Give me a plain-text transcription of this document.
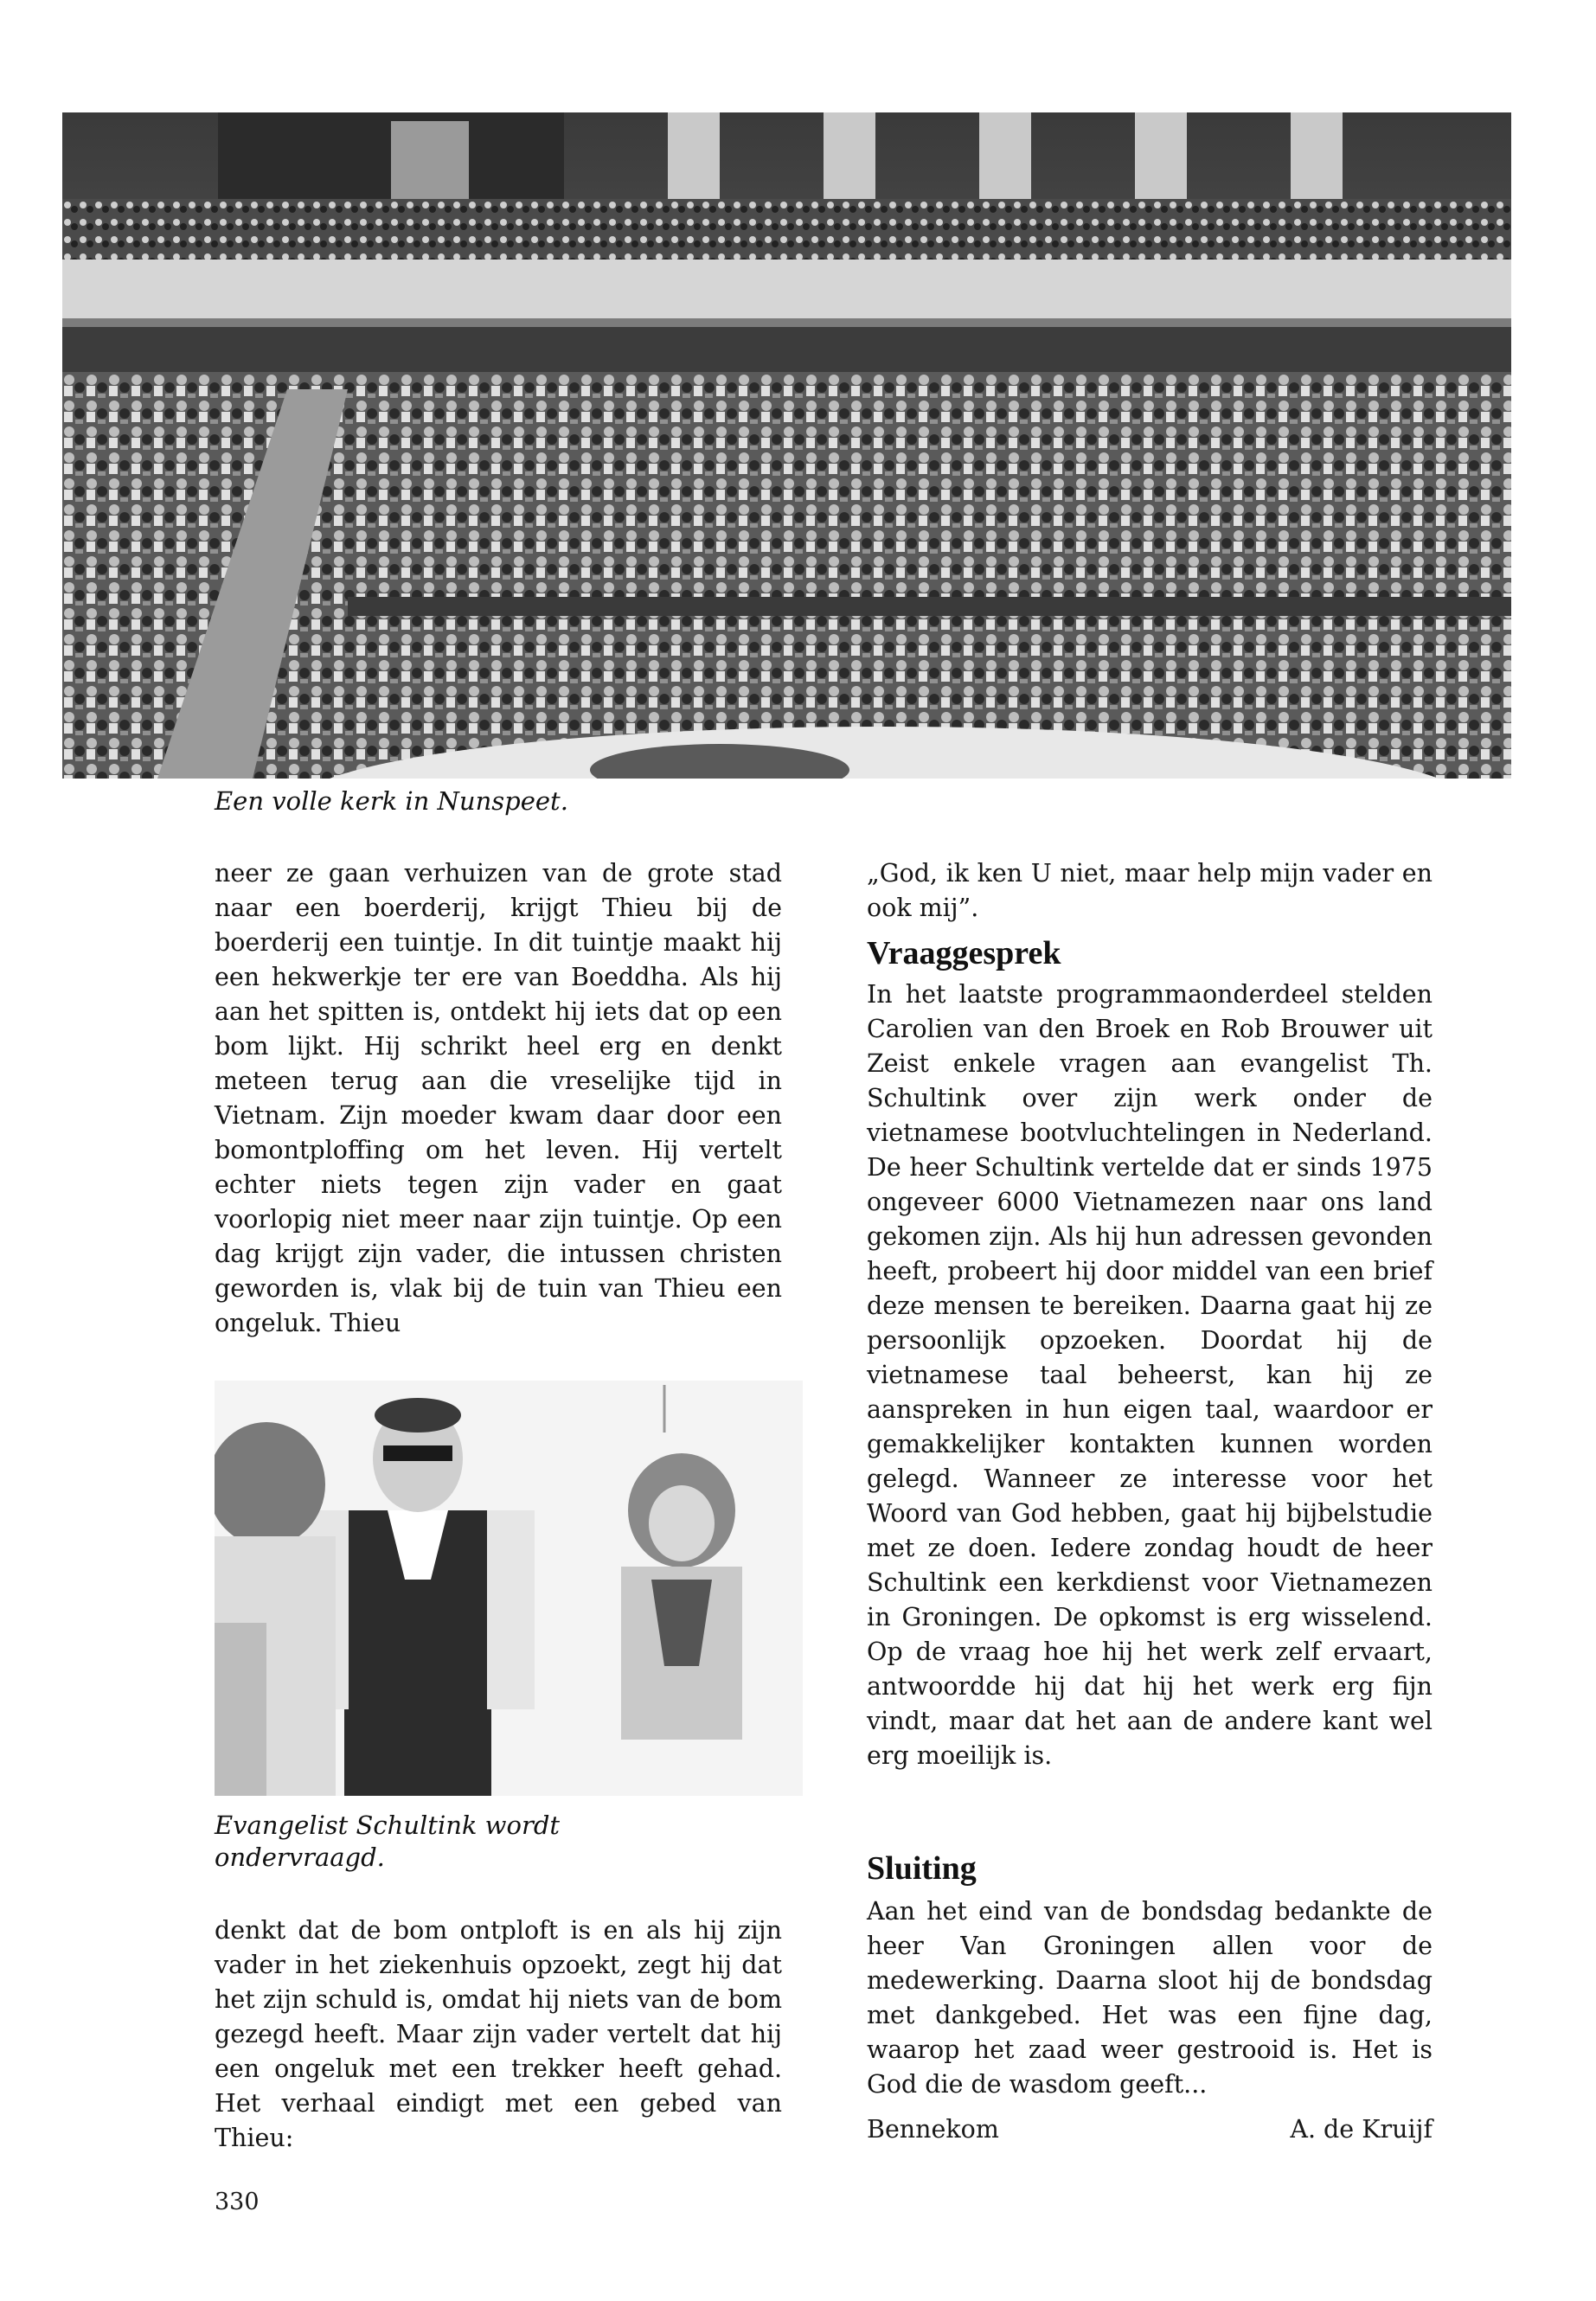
Een volle kerk in Nunspeet.

neer ze gaan verhuizen van de grote stad naar een boerderij, krijgt Thieu bij de boerderij een tuintje. In dit tuintje maakt hij een hekwerkje ter ere van Boeddha. Als hij aan het spitten is, ontdekt hij iets dat op een bom lijkt. Hij schrikt heel erg en denkt meteen terug aan die vreselijke tijd in Vietnam. Zijn moeder kwam daar door een bomontploffing om het leven. Hij vertelt echter niets tegen zijn vader en gaat voorlopig niet meer naar zijn tuintje. Op een dag krijgt zijn vader, die intussen christen geworden is, vlak bij de tuin van Thieu een ongeluk. Thieu

Evangelist Schultink wordt
ondervraagd.

denkt dat de bom ontploft is en als hij zijn vader in het ziekenhuis opzoekt, zegt hij dat het zijn schuld is, omdat hij niets van de bom gezegd heeft. Maar zijn vader vertelt dat hij een ongeluk met een trekker heeft gehad. Het verhaal eindigt met een gebed van Thieu:

330

„God, ik ken U niet, maar help mijn vader en ook mij”.

Vraaggesprek

In het laatste programmaonderdeel stelden Carolien van den Broek en Rob Brouwer uit Zeist enkele vragen aan evangelist Th. Schultink over zijn werk onder de vietnamese bootvluchtelingen in Nederland. De heer Schultink vertelde dat er sinds 1975 ongeveer 6000 Vietnamezen naar ons land gekomen zijn. Als hij hun adressen gevonden heeft, probeert hij door middel van een brief deze mensen te bereiken. Daarna gaat hij ze persoonlijk opzoeken. Doordat hij de vietnamese taal beheerst, kan hij ze aanspreken in hun eigen taal, waardoor er gemakkelijker kontakten kunnen worden gelegd. Wanneer ze interesse voor het Woord van God hebben, gaat hij bijbelstudie met ze doen. Iedere zondag houdt de heer Schultink een kerkdienst voor Vietnamezen in Groningen. De opkomst is erg wisselend. Op de vraag hoe hij het werk zelf ervaart, antwoordde hij dat hij het werk erg fijn vindt, maar dat het aan de andere kant wel erg moeilijk is.

Sluiting

Aan het eind van de bondsdag bedankte de heer Van Groningen allen voor de medewerking. Daarna sloot hij de bondsdag met dankgebed. Het was een fijne dag, waarop het zaad weer gestrooid is. Het is God die de wasdom geeft...

Bennekom	A. de Kruijf
